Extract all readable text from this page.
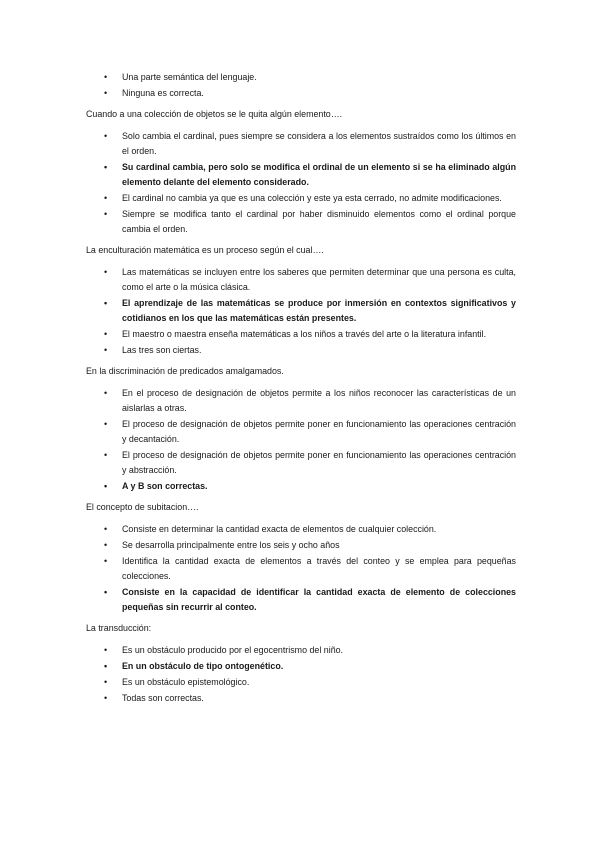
• Una parte semántica del lenguaje.
• Ninguna es correcta.
Cuando a una colección de objetos se le quita algún elemento….
• Solo cambia el cardinal, pues siempre se considera a los elementos sustraídos como los últimos en el orden.
• Su cardinal cambia, pero solo se modifica el ordinal de un elemento si se ha eliminado algún elemento delante del elemento considerado.
• El cardinal no cambia ya que es una colección y este ya esta cerrado, no admite modificaciones.
• Siempre se modifica tanto el cardinal por haber disminuido elementos como el ordinal porque cambia el orden.
La enculturación matemática es un proceso según el cual….
• Las matemáticas se incluyen entre los saberes que permiten determinar que una persona es culta, como el arte o la música clásica.
• El aprendizaje de las matemáticas se produce por inmersión en contextos significativos y cotidianos en los que las matemáticas están presentes.
• El maestro o maestra enseña matemáticas a los niños a través del arte o la literatura infantil.
• Las tres son ciertas.
En la discriminación de predicados amalgamados.
• En el proceso de designación de objetos permite a los niños reconocer las características de un aislarlas a otras.
• El proceso de designación de objetos permite poner en funcionamiento las operaciones centración y decantación.
• El proceso de designación de objetos permite poner en funcionamiento las operaciones centración y abstracción.
• A y B son correctas.
El concepto de subitacion….
• Consiste en determinar la cantidad exacta de elementos de cualquier colección.
• Se desarrolla principalmente entre los seis y ocho años
• Identifica la cantidad exacta de elementos a través del conteo y se emplea para pequeñas colecciones.
• Consiste en la capacidad de identificar la cantidad exacta de elemento de colecciones pequeñas sin recurrir al conteo.
La transducción:
• Es un obstáculo producido por el egocentrismo del niño.
• En un obstáculo de tipo ontogenético.
• Es un obstáculo epistemológico.
• Todas son correctas.
